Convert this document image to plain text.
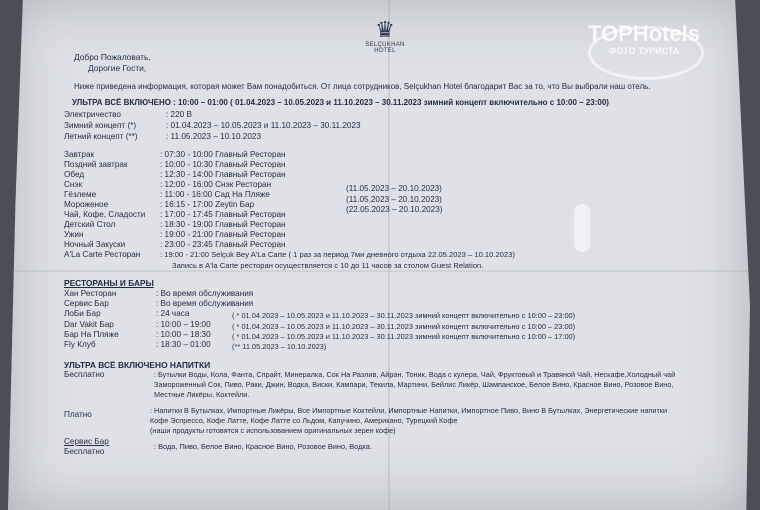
♛
SELÇUKHAN
HOTEL
TOPHotels
ФОТО ТУРИСТА
Добро Пожаловать,
Дорогие Гости,
Ниже приведена информация, которая может Вам понадобиться. От лица сотрудников, Selçukhan Hotel благодарит Вас за то, что Вы выбрали наш отель.
УЛЬТРА ВСЁ ВКЛЮЧЕНО : 10:00 – 01:00 ( 01.04.2023 – 10.05.2023 и 11.10.2023 – 30.11.2023 зимний концепт включительно с 10:00 – 23:00)
Электричество	: 220 В
Зимний концепт (*)	: 01.04.2023 – 10.05.2023 и 11.10.2023 – 30.11.2023
Летний концепт (**)	: 11.05.2023 – 10.10.2023
Завтрак	: 07:30 - 10:00 Главный Ресторан
Поздний завтрак	: 10:00 - 10:30 Главный Ресторан
Обед	: 12:30 - 14:00 Главный Ресторан
Снэк	: 12:00 - 16:00 Снэк Ресторан
Гёзлеме	: 11:00 - 16:00 Сад На Пляже
(11.05.2023 – 20.10.2023)
Мороженое	: 16:15 - 17:00 Zeytin Бар
(11.05.2023 – 20.10.2023)
Чай, Кофе, Сладости : 17:00 - 17:45 Главный Ресторан
(22.05.2023 – 20.10.2023)
Детский Стол	: 18:30 - 19:00 Главный Ресторан
Ужин	: 19:00 - 21:00 Главный Ресторан
Ночный Закуски	: 23:00 - 23:45 Главный Ресторан
A'La Carte Ресторан	: 19:00 - 21:00 Selçuk Bey A'La Carte ( 1 раз за период 7ми дневного отдыха 22.05.2023 – 10.10.2023)
Запись в A'la Carte ресторан осуществляется с 10 до 11 часов за столом Guest Relation.
РЕСТОРАНЫ И БАРЫ
Хан Ресторан	: Во время обслуживания
Сервис Бар	: Во время обслуживания
ЛоБи Бар	: 24 часа	( * 01.04.2023 – 10.05.2023 и 11.10.2023 – 30.11.2023 зимний концепт включительно с 10:00 – 23:00)
Dar Vakit Бар	: 10:00 – 19:00	( * 01.04.2023 – 10.05.2023 и 11.10.2023 – 30.11.2023 зимний концепт включительно с 10:00 – 23:00)
Бар На Пляже	: 10:00 – 18:30	( * 01.04.2023 – 10.05.2023 и 11.10.2023 – 30.11.2023 зимний концепт включительно с 10:00 – 17:00)
Fly Клуб	: 18:30 – 01:00	(** 11.05.2023 – 10.10.2023)
УЛЬТРА ВСЁ ВКЛЮЧЕНО НАПИТКИ
Бесплатно	: Бутылки Воды, Кола, Фанта, Спрайт, Минералка, Сок На Разлив, Айран, Тоник, Вода с кулера, Чай, Фруктовый и Травяной Чай, Нескафе,Холодный чай
Замороженный Сок, Пиво, Раки, Джин, Водка, Виски, Кампари, Текила, Мартини, Бейлис Ликёр, Шампанское, Белое Вино, Красное Вино, Розовое Вино,
Местные Ликёры, Коктейли.
Платно	: Напитки В Бутылках, Импортные Ликёры, Все Импортные Коктейли, Импортные Напитки, Импортное Пиво, Вино В Бутылках, Энергетические напитки
Кофе Эспрессо, Кофе Латте, Кофе Латте со Льдом, Капучино, Американо, Турецкий Кофе
(наши продукты готовятся с использованием оригинальных зерен кофе)
Сервис Бар
Бесплатно
: Вода, Пиво, Белое Вино, Красное Вино, Розовое Вино, Водка.
